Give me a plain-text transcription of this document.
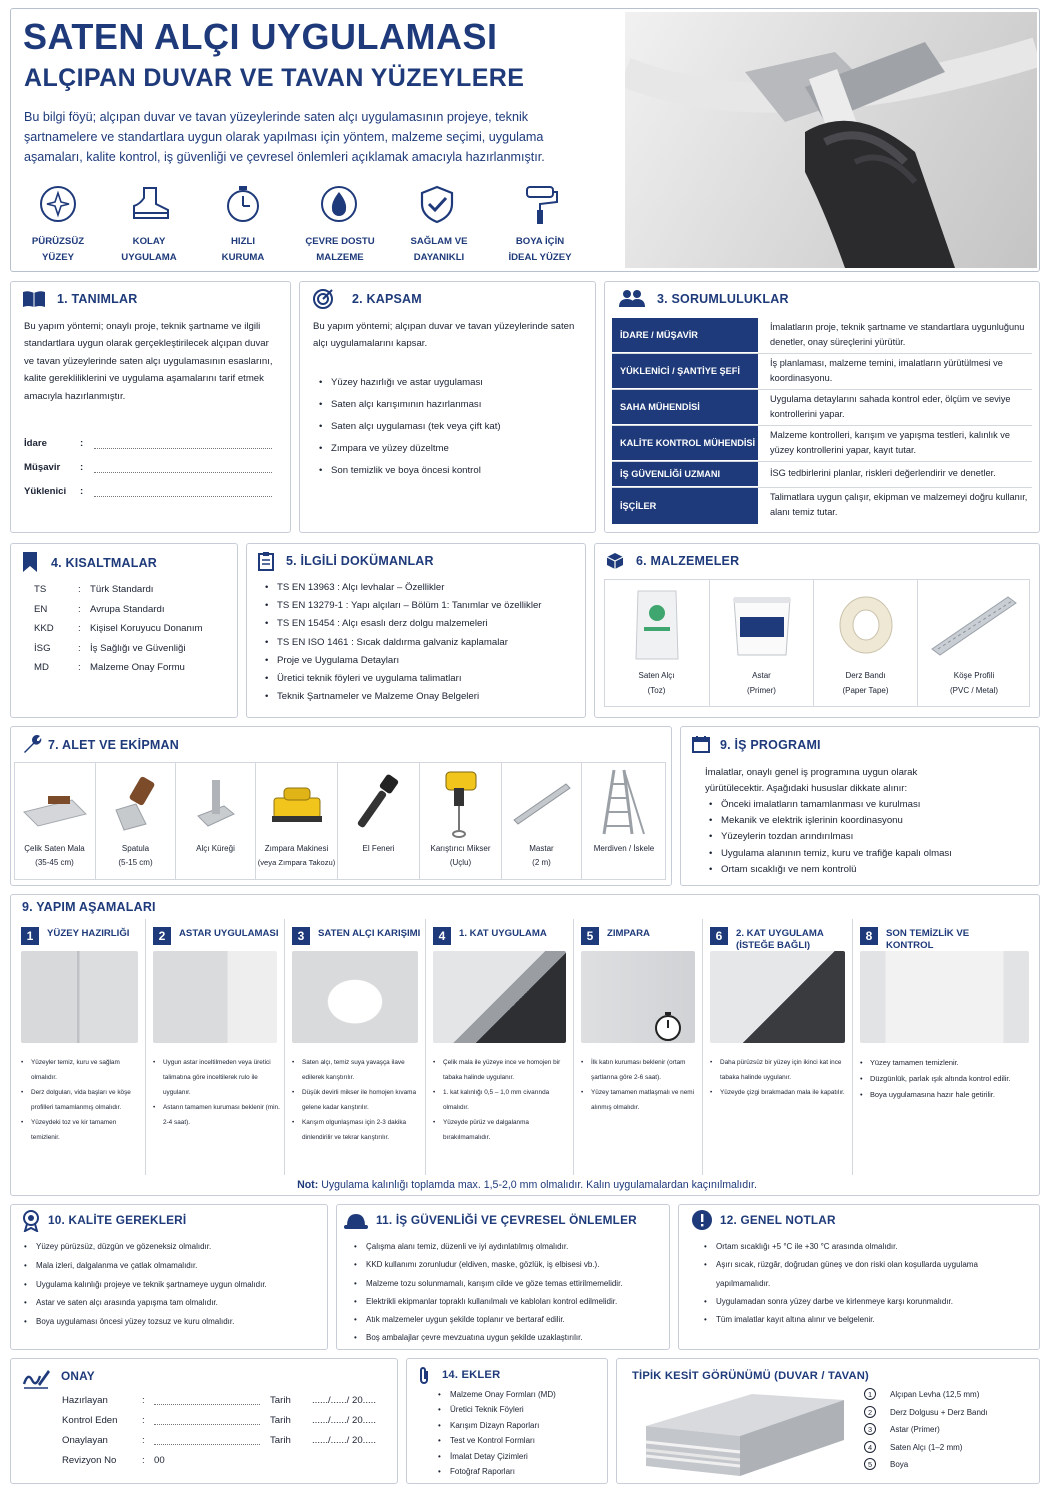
SATEN ALÇI UYGULAMASI
ALÇIPAN DUVAR VE TAVAN YÜZEYLERE
Bu bilgi föyü; alçıpan duvar ve tavan yüzeylerinde saten alçı uygulamasının projeye, teknik şartnamelere ve standartlara uygun olarak yapılması için yöntem, malzeme seçimi, uygulama aşamaları, kalite kontrol, iş güvenliği ve çevresel önlemleri açıklamak amacıyla hazırlanmıştır.
PÜRÜZSÜZ
YÜZEY
KOLAY
UYGULAMA
HIZLI
KURUMA
ÇEVRE DOSTU
MALZEME
SAĞLAM VE
DAYANIKLI
BOYA İÇİN
İDEAL YÜZEY
1. TANIMLAR
Bu yapım yöntemi; onaylı proje, teknik şartname ve ilgili standartlara uygun olarak gerçekleştirilecek alçıpan duvar ve tavan yüzeylerinde saten alçı uygulamasının esaslarını, kalite gerekliliklerini ve uygulama aşamalarını tarif etmek amacıyla hazırlanmıştır.
İdare	:
Müşavir :
Yüklenici :
2. KAPSAM
Bu yapım yöntemi; alçıpan duvar ve tavan yüzeylerinde saten alçı uygulamalarını kapsar.
• Yüzey hazırlığı ve astar uygulaması
• Saten alçı karışımının hazırlanması
• Saten alçı uygulaması (tek veya çift kat)
• Zımpara ve yüzey düzeltme
• Son temizlik ve boya öncesi kontrol
3. SORUMLULUKLAR
İDARE / MÜŞAVİR
İmalatların proje, teknik şartname ve standartlara uygunluğunu denetler, onay süreçlerini yürütür.
YÜKLENİCİ / ŞANTİYE ŞEFİ
İş planlaması, malzeme temini, imalatların yürütülmesi ve koordinasyonu.
SAHA MÜHENDİSİ
Uygulama detaylarını sahada kontrol eder, ölçüm ve seviye kontrollerini yapar.
KALİTE KONTROL MÜHENDİSİ
Malzeme kontrolleri, karışım ve yapışma testleri, kalınlık ve yüzey kontrollerini yapar, kayıt tutar.
İŞ GÜVENLİĞİ UZMANI	İSG tedbirlerini planlar, riskleri değerlendirir ve denetler.
İŞÇİLER
Talimatlara uygun çalışır, ekipman ve malzemeyi doğru kullanır, alanı temiz tutar.
4. KISALTMALAR
TS	: Türk Standardı
EN	: Avrupa Standardı
KKD	: Kişisel Koruyucu Donanım
İSG	: İş Sağlığı ve Güvenliği
MD	: Malzeme Onay Formu
5. İLGİLİ DOKÜMANLAR
• TS EN 13963 : Alçı levhalar – Özellikler
• TS EN 13279-1 : Yapı alçıları – Bölüm 1: Tanımlar ve özellikler
• TS EN 15454 : Alçı esaslı derz dolgu malzemeleri
• TS EN ISO 1461 : Sıcak daldırma galvaniz kaplamalar
• Proje ve Uygulama Detayları
• Üretici teknik föyleri ve uygulama talimatları
• Teknik Şartnameler ve Malzeme Onay Belgeleri
6. MALZEMELER
Saten Alçı
(Toz)
Astar
(Primer)
Derz Bandı
(Paper Tape)
Köşe Profili
(PVC / Metal)
7. ALET VE EKİPMAN
Çelik Saten Mala
(35-45 cm)
Spatula
(5-15 cm)
Alçı Küreği	Zımpara Makinesi
(veya Zımpara Takozu)
El Feneri	Karıştırıcı Mikser
(Uçlu)
Mastar
(2 m)
Merdiven / İskele
9. İŞ PROGRAMI
İmalatlar, onaylı genel iş programına uygun olarak yürütülecektir. Aşağıdaki hususlar dikkate alınır:
• Önceki imalatların tamamlanması ve kurulması
• Mekanik ve elektrik işlerinin koordinasyonu
• Yüzeylerin tozdan arındırılması
• Uygulama alanının temiz, kuru ve trafiğe kapalı olması
• Ortam sıcaklığı ve nem kontrolü
9. YAPIM AŞAMALARI
1	YÜZEY HAZIRLIĞI
• Yüzeyler temiz, kuru ve sağlam olmalıdır.
• Derz dolguları, vida başları ve köşe profilleri tamamlanmış olmalıdır.
• Yüzeydeki toz ve kir tamamen temizlenir.
2	ASTAR UYGULAMASI
• Uygun astar inceltilmeden veya üretici talimatına göre inceltilerek rulo ile uygulanır.
• Astarın tamamen kuruması beklenir (min. 2-4 saat).
3	SATEN ALÇI KARIŞIMI
• Saten alçı, temiz suya yavaşça ilave edilerek karıştırılır.
• Düşük devirli mikser ile homojen kıvama gelene kadar karıştırılır.
• Karışım olgunlaşması için 2-3 dakika dinlendirilir ve tekrar karıştırılır.
4	1. KAT UYGULAMA
• Çelik mala ile yüzeye ince ve homojen bir tabaka halinde uygulanır.
• 1. kat kalınlığı 0,5 – 1,0 mm civarında olmalıdır.
• Yüzeyde pürüz ve dalgalanma bırakılmamalıdır.
5	ZIMPARA
• İlk katın kuruması beklenir (ortam şartlarına göre 2-6 saat).
• Yüzey tamamen matlaşmalı ve nemi alınmış olmalıdır.
6	2. KAT UYGULAMA
(İSTEĞE BAĞLI)
• Daha pürüzsüz bir yüzey için ikinci kat ince tabaka halinde uygulanır.
• Yüzeyde çizgi bırakmadan mala ile kapatılır.
8	SON TEMİZLİK VE
KONTROL
• Yüzey tamamen temizlenir.
• Düzgünlük, parlak ışık altında kontrol edilir.
• Boya uygulamasına hazır hale getirilir.
Not: Uygulama kalınlığı toplamda max. 1,5-2,0 mm olmalıdır. Kalın uygulamalardan kaçınılmalıdır.
10. KALİTE GEREKLERİ
• Yüzey pürüzsüz, düzgün ve gözeneksiz olmalıdır.
• Mala izleri, dalgalanma ve çatlak olmamalıdır.
• Uygulama kalınlığı projeye ve teknik şartnameye uygun olmalıdır.
• Astar ve saten alçı arasında yapışma tam olmalıdır.
• Boya uygulaması öncesi yüzey tozsuz ve kuru olmalıdır.
11. İŞ GÜVENLİĞİ VE ÇEVRESEL ÖNLEMLER
• Çalışma alanı temiz, düzenli ve iyi aydınlatılmış olmalıdır.
• KKD kullanımı zorunludur (eldiven, maske, gözlük, iş elbisesi vb.).
• Malzeme tozu solunmamalı, karışım cilde ve göze temas ettirilmemelidir.
• Elektrikli ekipmanlar topraklı kullanılmalı ve kabloları kontrol edilmelidir.
• Atık malzemeler uygun şekilde toplanır ve bertaraf edilir.
• Boş ambalajlar çevre mevzuatına uygun şekilde uzaklaştırılır.
12. GENEL NOTLAR
• Ortam sıcaklığı +5 °C ile +30 °C arasında olmalıdır.
• Aşırı sıcak, rüzgâr, doğrudan güneş ve don riski olan koşullarda uygulama yapılmamalıdır.
• Uygulamadan sonra yüzey darbe ve kirlenmeye karşı korunmalıdır.
• Tüm imalatlar kayıt altına alınır ve belgelenir.
ONAY
Hazırlayan	:	Tarih ....../....../ 20.....
Kontrol Eden	:	Tarih ....../....../ 20.....
Onaylayan	:	Tarih ....../....../ 20.....
Revizyon No	: 00
14. EKLER
• Malzeme Onay Formları (MD)
• Üretici Teknik Föyleri
• Karışım Dizayn Raporları
• Test ve Kontrol Formları
• İmalat Detay Çizimleri
• Fotoğraf Raporları
TİPİK KESİT GÖRÜNÜMÜ (DUVAR / TAVAN)
1 Alçıpan Levha (12,5 mm)
2 Derz Dolgusu + Derz Bandı
3 Astar (Primer)
4 Saten Alçı (1–2 mm)
5 Boya
